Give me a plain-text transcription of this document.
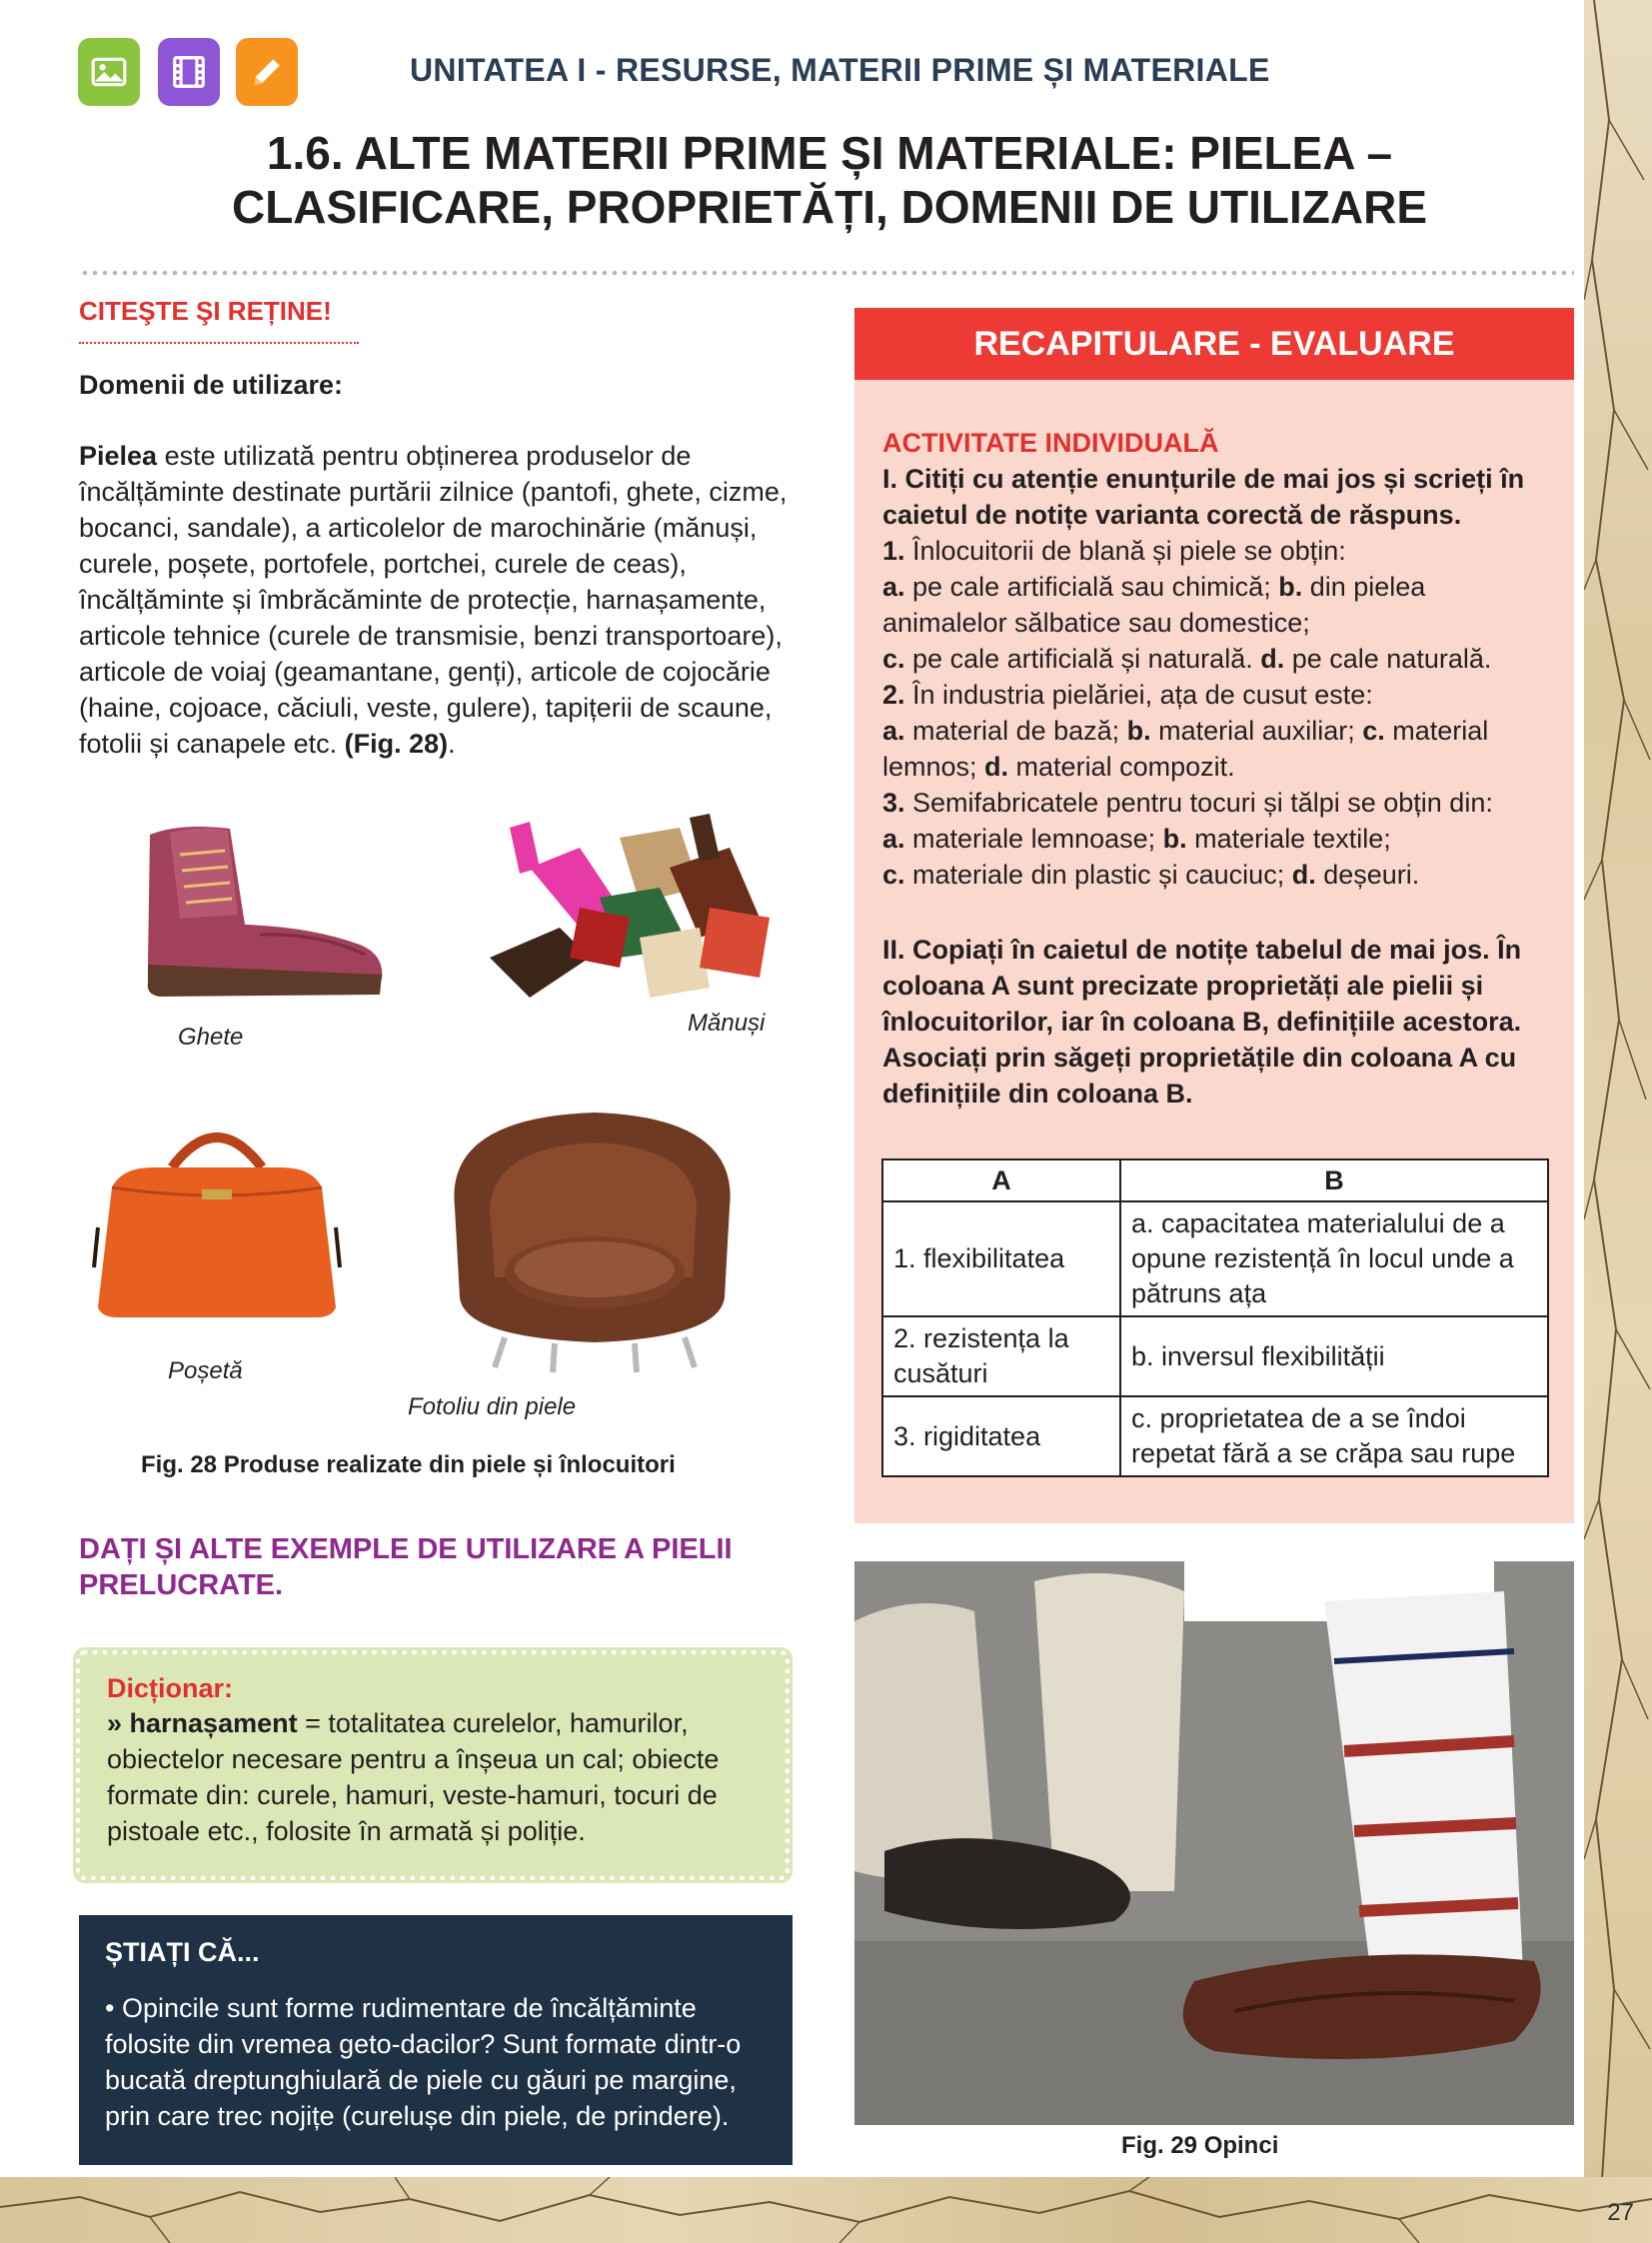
27
UNITATEA I - RESURSE, MATERII PRIME ȘI MATERIALE
1.6. ALTE MATERII PRIME ȘI MATERIALE: PIELEA –
CLASIFICARE, PROPRIETĂȚI, DOMENII DE UTILIZARE
CITEŞTE ŞI REȚINE!
Domenii de utilizare:
Pielea este utilizată pentru obținerea produselor de încălțăminte destinate purtării zilnice (pantofi, ghete, cizme, bocanci, sandale), a articolelor de marochinărie (mănuși, curele, poșete, portofele, portchei, curele de ceas), încălțăminte și îmbrăcăminte de protecție, harnașamente, articole tehnice (curele de transmisie, benzi transportoare), articole de voiaj (geamantane, genți), articole de cojocărie (haine, cojoace, căciuli, veste, gulere), tapițerii de scaune, fotolii și canapele etc. (Fig. 28).
Ghete
Mănuși
Poșetă
Fotoliu din piele
Fig. 28 Produse realizate din piele și înlocuitori
DAȚI ȘI ALTE EXEMPLE DE UTILIZARE A PIELII PRELUCRATE.
Dicționar:
» harnașament = totalitatea curelelor, hamurilor, obiectelor necesare pentru a înșeua un cal; obiecte formate din: curele, hamuri, veste-hamuri, tocuri de pistoale etc., folosite în armată și poliție.
ȘTIAȚI CĂ...
• Opincile sunt forme rudimentare de încălțăminte folosite din vremea geto-dacilor? Sunt formate dintr-o bucată dreptunghiulară de piele cu găuri pe margine, prin care trec nojițe (curelușe din piele, de prindere).
RECAPITULARE - EVALUARE
ACTIVITATE INDIVIDUALĂ
I. Citiți cu atenție enunțurile de mai jos și scrieți în caietul de notițe varianta corectă de răspuns.
1. Înlocuitorii de blană și piele se obțin:
a. pe cale artificială sau chimică; b. din pielea animalelor sălbatice sau domestice;
c. pe cale artificială și naturală. d. pe cale naturală.
2. În industria pielăriei, ața de cusut este:
a. material de bază; b. material auxiliar; c. material lemnos; d. material compozit.
3. Semifabricatele pentru tocuri și tălpi se obțin din:
a. materiale lemnoase; b. materiale textile;
c. materiale din plastic și cauciuc; d. deșeuri.
II. Copiați în caietul de notițe tabelul de mai jos. În coloana A sunt precizate proprietăți ale pielii și înlocuitorilor, iar în coloana B, definițiile acestora. Asociați prin săgeți proprietățile din coloana A cu definițiile din coloana B.
A	B
1. flexibilitatea	a. capacitatea materialului de a opune rezistență în locul unde a pătruns ața
2. rezistența la cusături	b. inversul flexibilității
3. rigiditatea	c. proprietatea de a se îndoi repetat fără a se crăpa sau rupe
Fig. 29 Opinci
